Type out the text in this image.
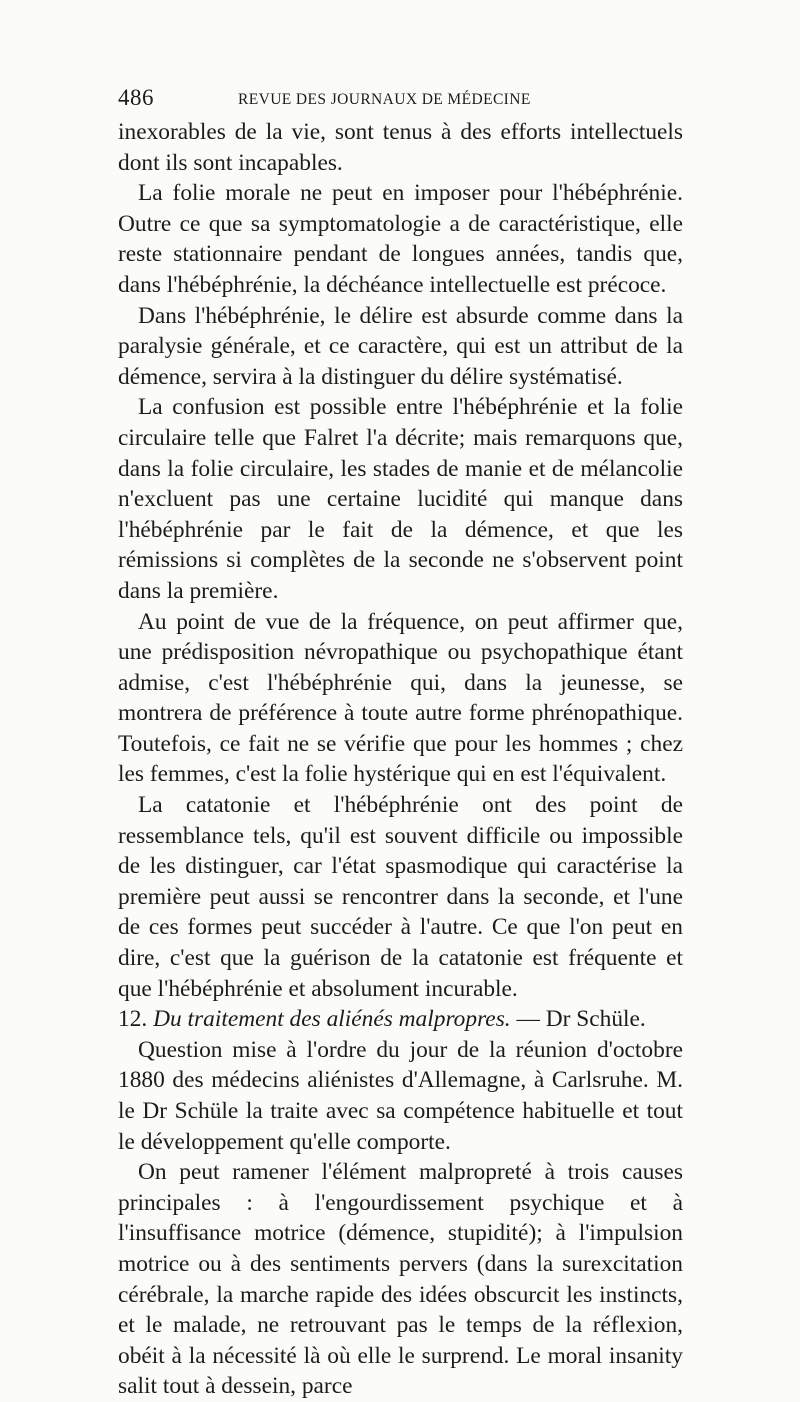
486	REVUE DES JOURNAUX DE MÉDECINE

inexorables de la vie, sont tenus à des efforts intellectuels dont ils sont incapables.

La folie morale ne peut en imposer pour l'hébéphrénie. Outre ce que sa symptomatologie a de caractéristique, elle reste stationnaire pendant de longues années, tandis que, dans l'hébéphrénie, la déchéance intellectuelle est précoce.

Dans l'hébéphrénie, le délire est absurde comme dans la paralysie générale, et ce caractère, qui est un attribut de la démence, servira à la distinguer du délire systématisé.

La confusion est possible entre l'hébéphrénie et la folie circulaire telle que Falret l'a décrite; mais remarquons que, dans la folie circulaire, les stades de manie et de mélancolie n'excluent pas une certaine lucidité qui manque dans l'hébéphrénie par le fait de la démence, et que les rémissions si complètes de la seconde ne s'observent point dans la première.

Au point de vue de la fréquence, on peut affirmer que, une prédisposition névropathique ou psychopathique étant admise, c'est l'hébéphrénie qui, dans la jeunesse, se montrera de préférence à toute autre forme phrénopathique. Toutefois, ce fait ne se vérifie que pour les hommes ; chez les femmes, c'est la folie hystérique qui en est l'équivalent.

La catatonie et l'hébéphrénie ont des point de ressemblance tels, qu'il est souvent difficile ou impossible de les distinguer, car l'état spasmodique qui caractérise la première peut aussi se rencontrer dans la seconde, et l'une de ces formes peut succéder à l'autre. Ce que l'on peut en dire, c'est que la guérison de la catatonie est fréquente et que l'hébéphrénie et absolument incurable.

12. Du traitement des aliénés malpropres. — Dr Schüle.

Question mise à l'ordre du jour de la réunion d'octobre 1880 des médecins aliénistes d'Allemagne, à Carlsruhe. M. le Dr Schüle la traite avec sa compétence habituelle et tout le développement qu'elle comporte.

On peut ramener l'élément malpropreté à trois causes principales : à l'engourdissement psychique et à l'insuffisance motrice (démence, stupidité); à l'impulsion motrice ou à des sentiments pervers (dans la surexcitation cérébrale, la marche rapide des idées obscurcit les instincts, et le malade, ne retrouvant pas le temps de la réflexion, obéit à la nécessité là où elle le surprend. Le moral insanity salit tout à dessein, parce
